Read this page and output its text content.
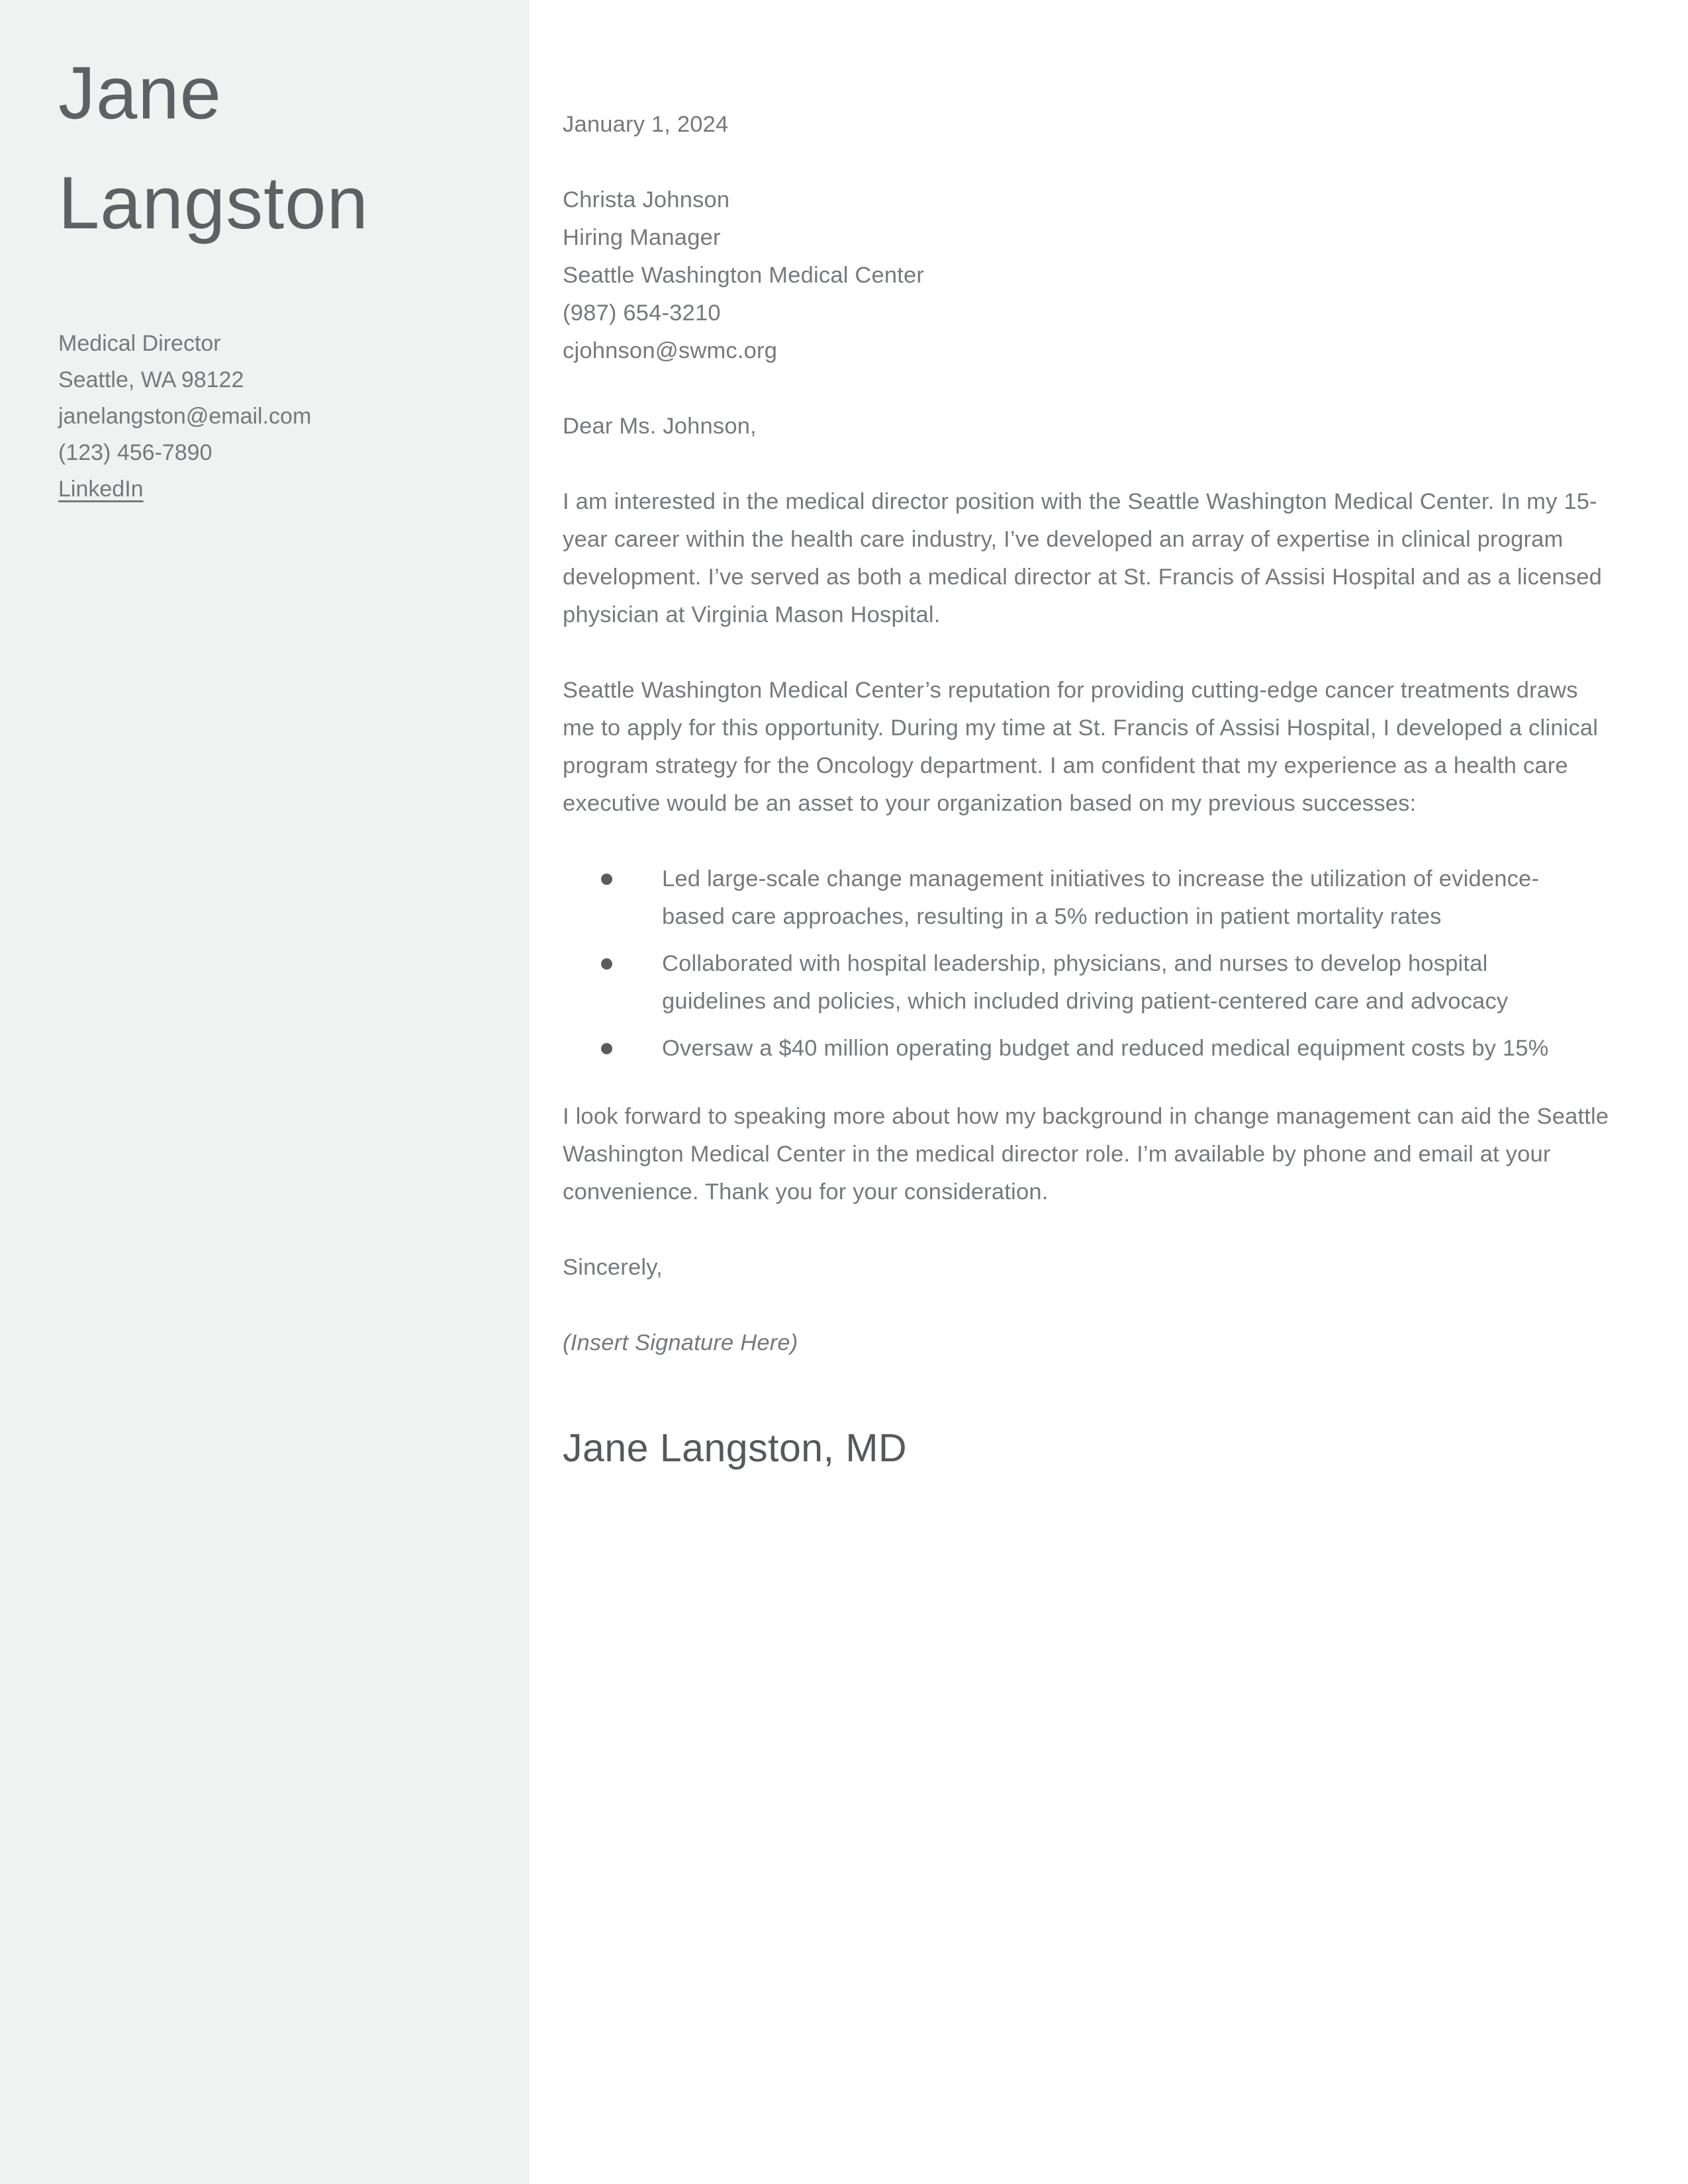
Jane
Langston
Medical Director
Seattle, WA 98122
janelangston@email.com
(123) 456-7890
LinkedIn
January 1, 2024
Christa Johnson
Hiring Manager
Seattle Washington Medical Center
(987) 654-3210
cjohnson@swmc.org
Dear Ms. Johnson,

I am interested in the medical director position with the Seattle Washington Medical Center. In my 15-year career within the health care industry, I’ve developed an array of expertise in clinical program development. I’ve served as both a medical director at St. Francis of Assisi Hospital and as a licensed physician at Virginia Mason Hospital.

Seattle Washington Medical Center’s reputation for providing cutting-edge cancer treatments draws me to apply for this opportunity. During my time at St. Francis of Assisi Hospital, I developed a clinical program strategy for the Oncology department. I am confident that my experience as a health care executive would be an asset to your organization based on my previous successes:

Led large-scale change management initiatives to increase the utilization of evidence-based care approaches, resulting in a 5% reduction in patient mortality rates
Collaborated with hospital leadership, physicians, and nurses to develop hospital guidelines and policies, which included driving patient-centered care and advocacy
Oversaw a $40 million operating budget and reduced medical equipment costs by 15%

I look forward to speaking more about how my background in change management can aid the Seattle Washington Medical Center in the medical director role. I’m available by phone and email at your convenience. Thank you for your consideration.

Sincerely,
(Insert Signature Here)
Jane Langston, MD
